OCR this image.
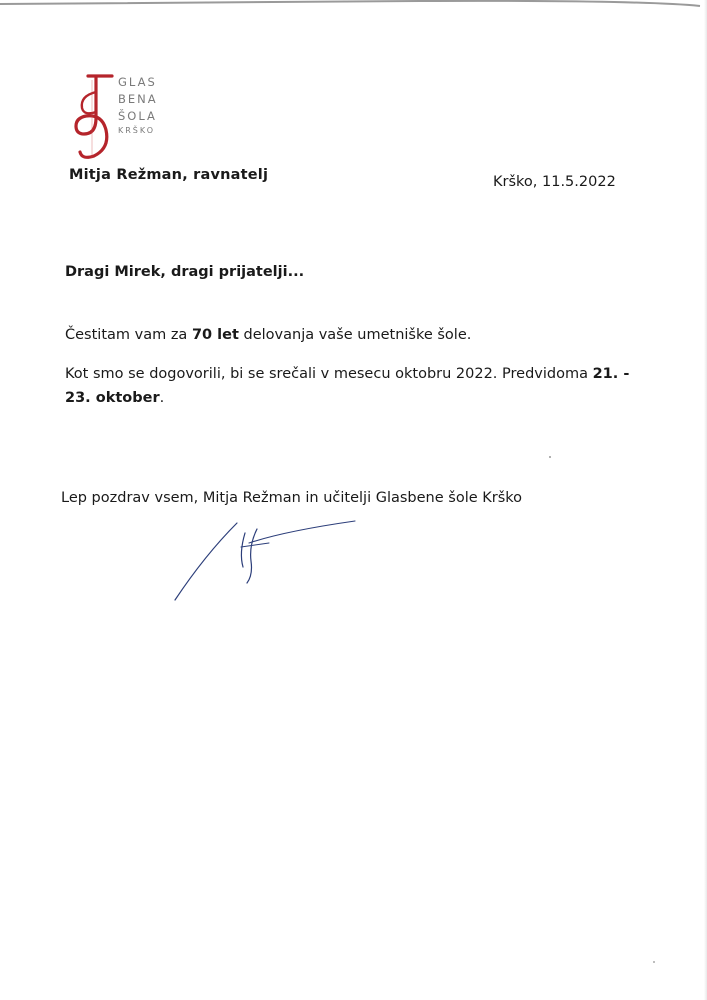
GLAS
BENA
ŠOLA
KRŠKO
Mitja Režman, ravnatelj	Krško, 11.5.2022
Dragi Mirek, dragi prijatelji...
Čestitam vam za 70 let delovanja vaše umetniške šole.
Kot smo se dogovorili, bi se srečali v mesecu oktobru 2022. Predvidoma 21. -
23. oktober.
Lep pozdrav vsem, Mitja Režman in učitelji Glasbene šole Krško
